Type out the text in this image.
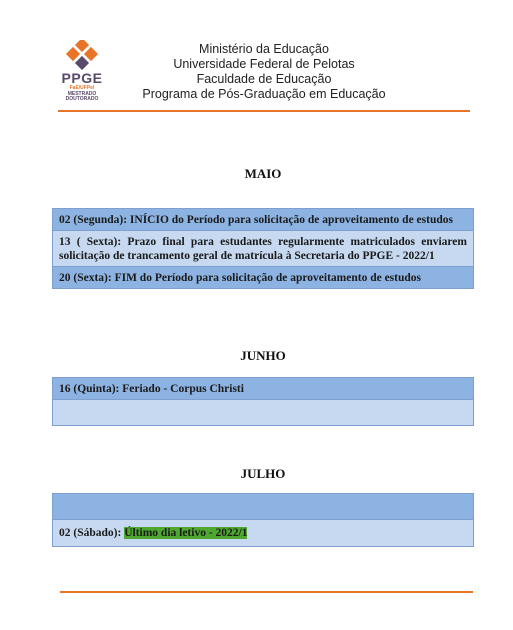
PPGE
FaE/UFPel
MESTRADO
DOUTORADO
Ministério da Educação
Universidade Federal de Pelotas
Faculdade de Educação
Programa de Pós-Graduação em Educação
MAIO
02 (Segunda): INÍCIO do Período para solicitação de aproveitamento de estudos
13 ( Sexta): Prazo final para estudantes regularmente matriculados enviarem solicitação de trancamento geral de matrícula à Secretaria do PPGE - 2022/1
20 (Sexta): FIM do Período para solicitação de aproveitamento de estudos
JUNHO
16 (Quinta): Feriado - Corpus Christi
JULHO
02 (Sábado): Último dia letivo - 2022/1
